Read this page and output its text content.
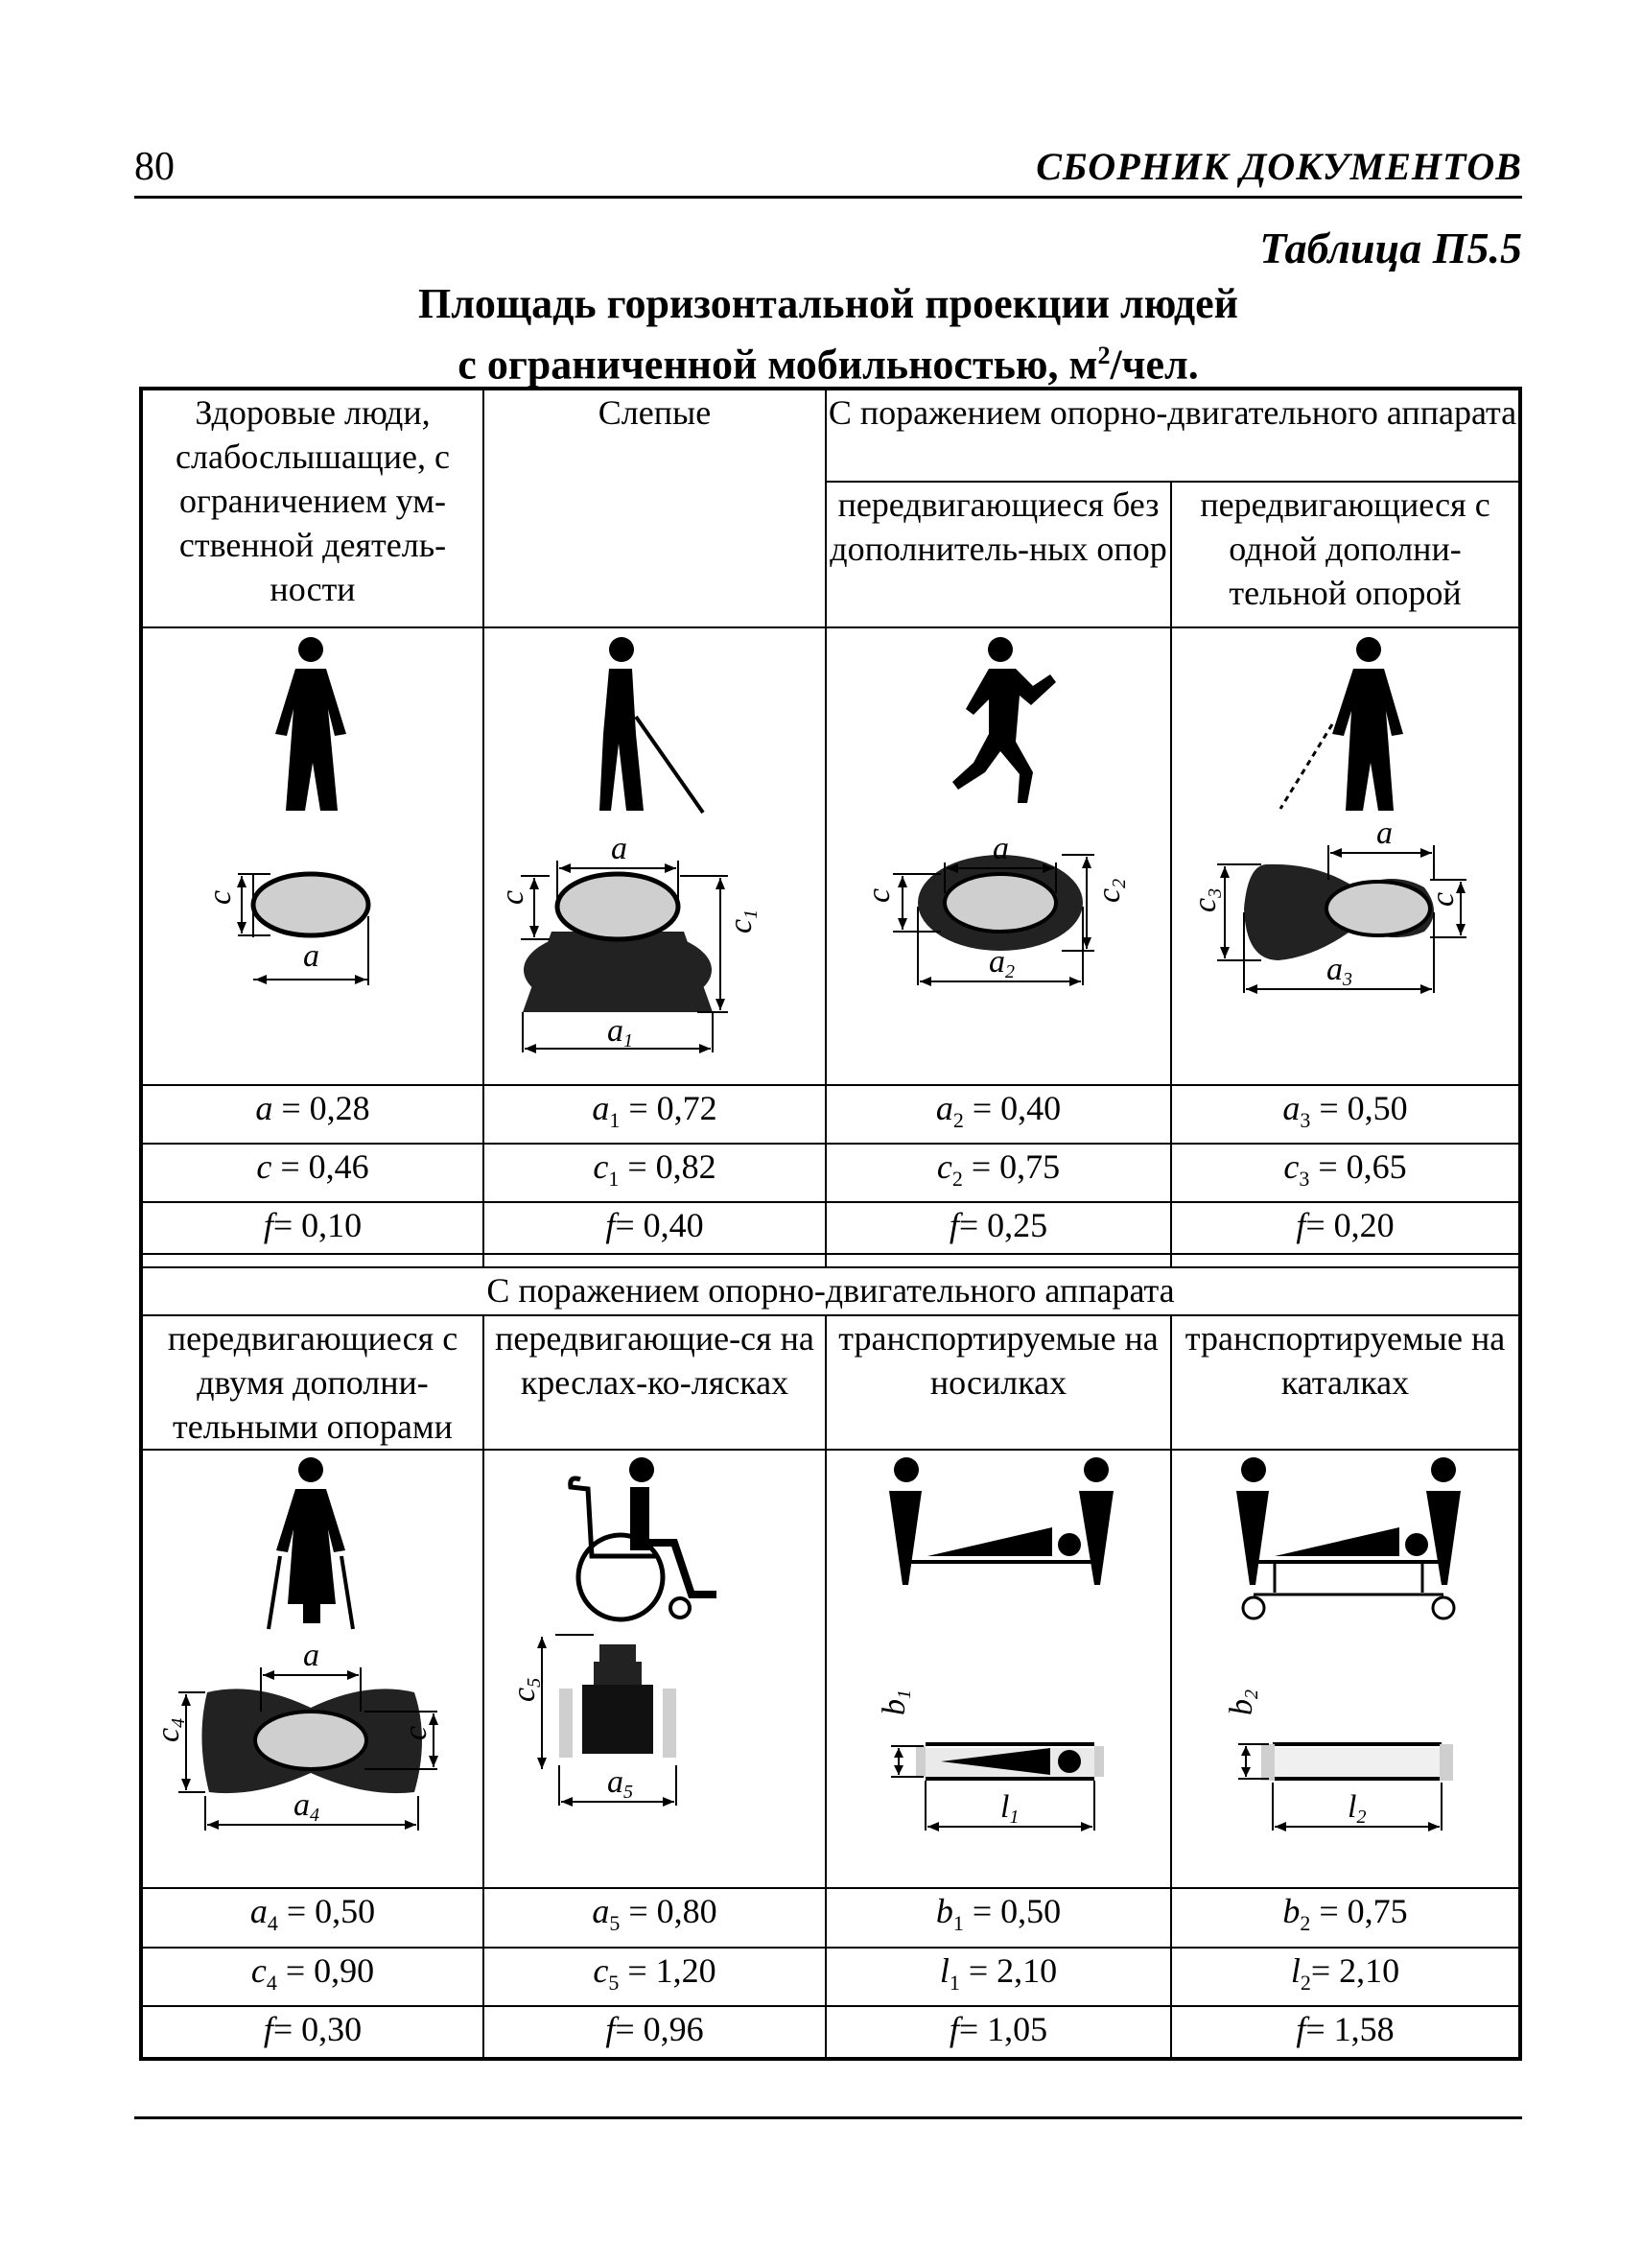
80	СБОРНИК ДОКУМЕНТОВ
Таблица П5.5
Площадь горизонтальной проекции людей
с ограниченной мобильностью, $м^2$/чел.
Здоровые люди, слабослышащие, с ограничением ум-ственной деятель-ности	Слепые	С поражением опорно-двигательного аппарата	
		передвигающиеся без дополнитель-ных опор	передвигающиеся с одной дополни-тельной опорой

c
a	a
c
c1
a1	a
c c2
a2	a
c3 c
a3

a = 0,28	$a_1 = 0,72$	$a_2 = 0,40$	$a_3 = 0,50$
c = 0,46	$c_1 = 0,82$	$c_2 = 0,75$	$c_3 = 0,65$
f= 0,10	f= 0,40	f= 0,25	f= 0,20

С поражением опорно-двигательного аппарата			
передвигающиеся с двумя дополни-тельными опорами	передвигающие-ся на креслах-ко-лясках	транспортируемые на носилках	транспортируемые на каталках

a
c4
c
a4	c5
a5	b1
l1	b2
l2

$a_4 = 0,50$	$a_5 = 0,80$	$b_1 = 0,50$	$b_2 = 0,75$
$c_4 = 0,90$	$c_5 = 1,20$	$l_1 = 2,10$	$l_2= 2,10$
f= 0,30	f= 0,96	f= 1,05	f= 1,58
